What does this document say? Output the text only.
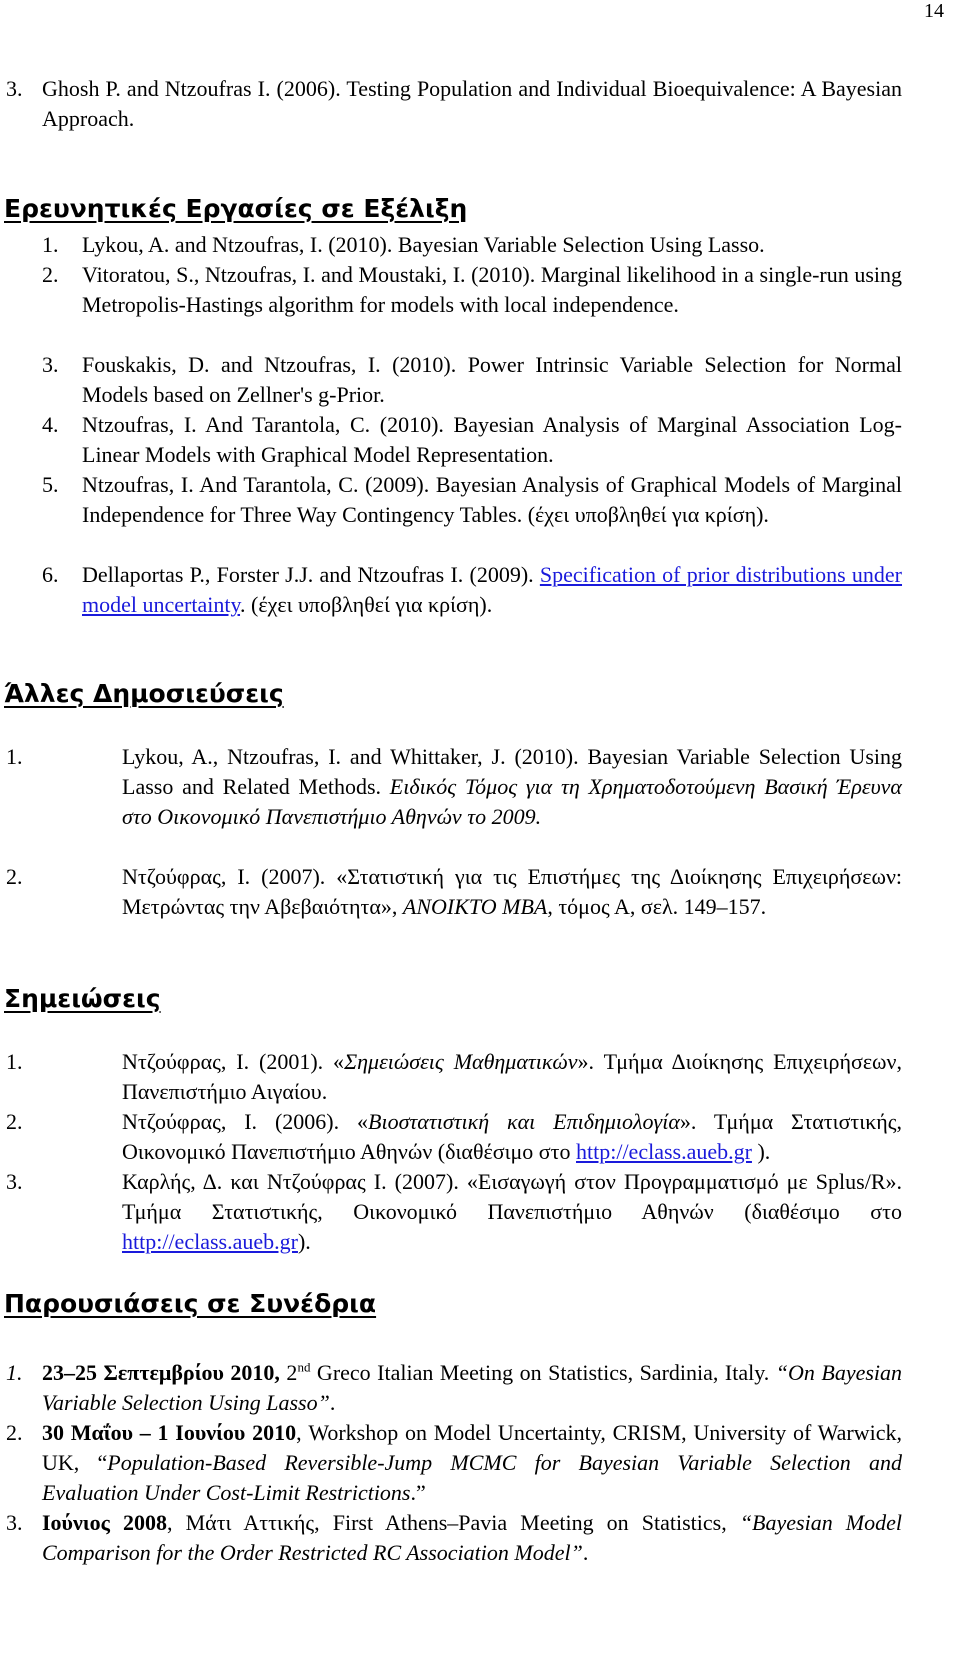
14
3. Ghosh P. and Ntzoufras I. (2006). Testing Population and Individual Bioequivalence: A Bayesian Approach.
Ερευνητικές Εργασίες σε Εξέλιξη
1. Lykou, A. and Ntzoufras, I. (2010). Bayesian Variable Selection Using Lasso.
2. Vitoratou, S., Ntzoufras, I. and Moustaki, I. (2010). Marginal likelihood in a single-run using Metropolis-Hastings algorithm for models with local independence.
3. Fouskakis, D. and Ntzoufras, I. (2010). Power Intrinsic Variable Selection for Normal Models based on Zellner's g-Prior.
4. Ntzoufras, I. And Tarantola, C. (2010). Bayesian Analysis of Marginal Association Log-Linear Models with Graphical Model Representation.
5. Ntzoufras, I. And Tarantola, C. (2009). Bayesian Analysis of Graphical Models of Marginal Independence for Three Way Contingency Tables. (έχει υποβληθεί για κρίση).
6. Dellaportas P., Forster J.J. and Ntzoufras I. (2009). Specification of prior distributions under model uncertainty. (έχει υποβληθεί για κρίση).
Άλλες Δημοσιεύσεις
1.	Lykou, A., Ntzoufras, I. and Whittaker, J. (2010). Bayesian Variable Selection Using Lasso and Related Methods. Ειδικός Τόμος για τη Χρηματοδοτούμενη Βασική Έρευνα στο Οικονομικό Πανεπιστήμιο Αθηνών το 2009.
2.	Ντζούφρας, Ι. (2007). «Στατιστική για τις Επιστήμες της Διοίκησης Επιχειρήσεων: Μετρώντας την Αβεβαιότητα», ΑΝΟΙΚΤΟ ΜΒΑ, τόμος Α, σελ. 149–157.
Σημειώσεις
1.	Ντζούφρας, Ι. (2001). «Σημειώσεις Μαθηματικών». Τμήμα Διοίκησης Επιχειρήσεων, Πανεπιστήμιο Αιγαίου.
2.	Ντζούφρας, Ι. (2006). «Βιοστατιστική και Επιδημιολογία». Τμήμα Στατιστικής, Οικονομικό Πανεπιστήμιο Αθηνών (διαθέσιμο στο http://eclass.aueb.gr ).
3.	Καρλής, Δ. και Ντζούφρας Ι. (2007). «Εισαγωγή στον Προγραμματισμό με Splus/R». Τμήμα Στατιστικής, Οικονομικό Πανεπιστήμιο Αθηνών (διαθέσιμο στο http://eclass.aueb.gr).
Παρουσιάσεις σε Συνέδρια
1. 23–25 Σεπτεμβρίου 2010, 2nd Greco Italian Meeting on Statistics, Sardinia, Italy. “On Bayesian Variable Selection Using Lasso”.
2. 30 Μαΐου – 1 Ιουνίου 2010, Workshop on Model Uncertainty, CRISM, University of Warwick, UK, “Population-Based Reversible-Jump MCMC for Bayesian Variable Selection and Evaluation Under Cost-Limit Restrictions.”
3. Ιούνιος 2008, Μάτι Αττικής, First Athens–Pavia Meeting on Statistics, “Bayesian Model Comparison for the Order Restricted RC Association Model”.
